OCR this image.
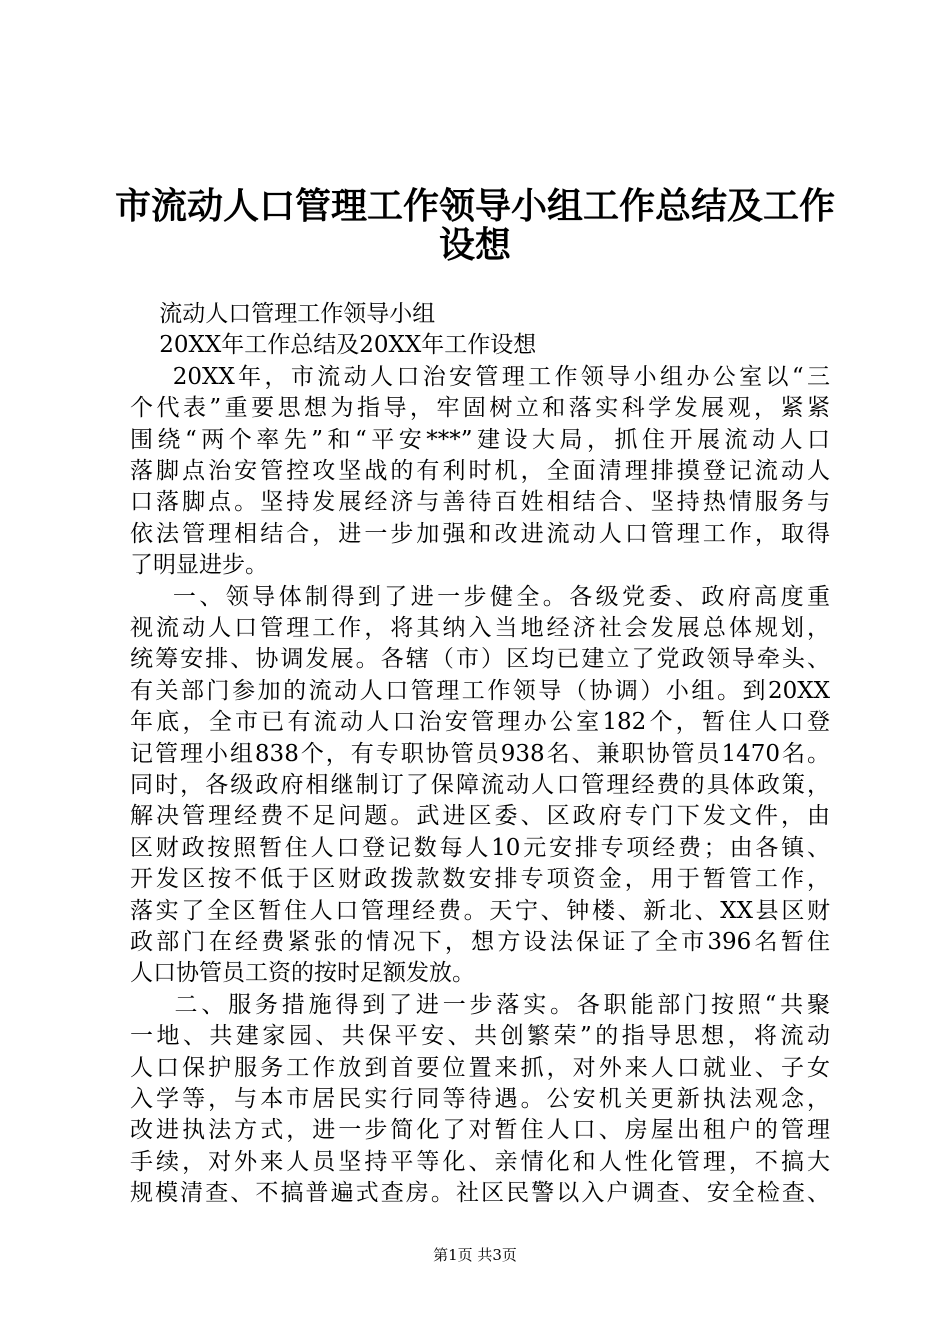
市流动人口管理工作领导小组工作总结及工作
设想
流动人口管理工作领导小组
20XX年工作总结及20XX年工作设想
20XX年，市流动人口治安管理工作领导小组办公室以“三
个代表”重要思想为指导，牢固树立和落实科学发展观，紧紧
围绕“两个率先”和“平安***”建设大局，抓住开展流动人口
落脚点治安管控攻坚战的有利时机，全面清理排摸登记流动人
口落脚点。坚持发展经济与善待百姓相结合、坚持热情服务与
依法管理相结合，进一步加强和改进流动人口管理工作，取得
了明显进步。
一、领导体制得到了进一步健全。各级党委、政府高度重
视流动人口管理工作，将其纳入当地经济社会发展总体规划，
统筹安排、协调发展。各辖（市）区均已建立了党政领导牵头、
有关部门参加的流动人口管理工作领导（协调）小组。到20XX
年底，全市已有流动人口治安管理办公室182个，暂住人口登
记管理小组838个，有专职协管员938名、兼职协管员1470名。
同时，各级政府相继制订了保障流动人口管理经费的具体政策，
解决管理经费不足问题。武进区委、区政府专门下发文件，由
区财政按照暂住人口登记数每人10元安排专项经费；由各镇、
开发区按不低于区财政拨款数安排专项资金，用于暂管工作，
落实了全区暂住人口管理经费。天宁、钟楼、新北、XX县区财
政部门在经费紧张的情况下，想方设法保证了全市396名暂住
人口协管员工资的按时足额发放。
二、服务措施得到了进一步落实。各职能部门按照“共聚
一地、共建家园、共保平安、共创繁荣”的指导思想，将流动
人口保护服务工作放到首要位置来抓，对外来人口就业、子女
入学等，与本市居民实行同等待遇。公安机关更新执法观念，
改进执法方式，进一步简化了对暂住人口、房屋出租户的管理
手续，对外来人员坚持平等化、亲情化和人性化管理，不搞大
规模清查、不搞普遍式查房。社区民警以入户调查、安全检查、
第1页 共3页
